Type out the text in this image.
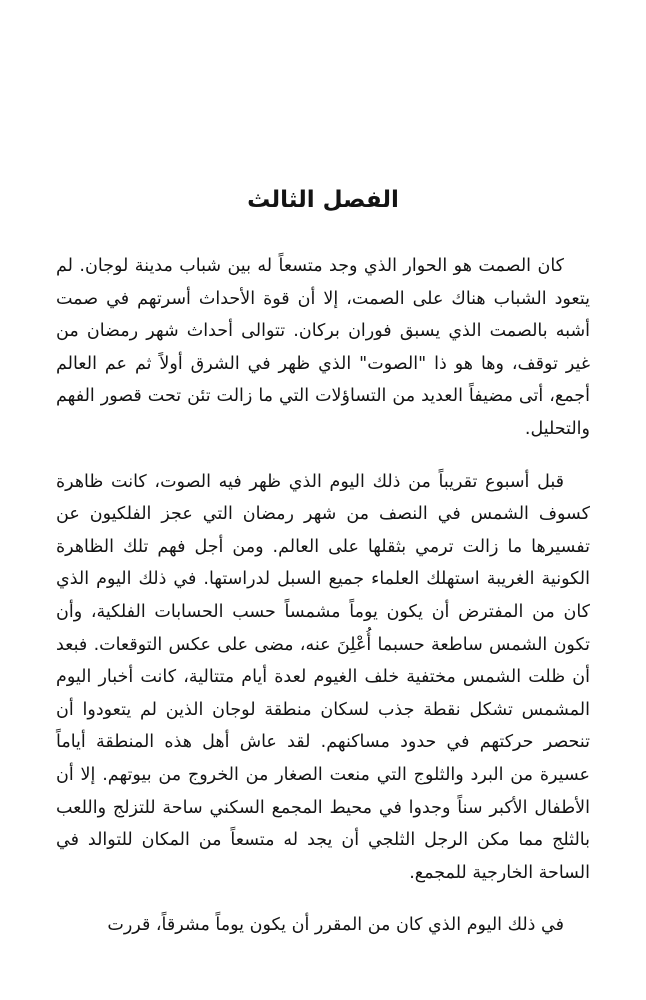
الفصل الثالث

كان الصمت هو الحوار الذي وجد متسعاً له بين شباب مدينة لوجان. لم يتعود الشباب هناك على الصمت، إلا أن قوة الأحداث أسرتهم في صمت أشبه بالصمت الذي يسبق فوران بركان. تتوالى أحداث شهر رمضان من غير توقف، وها هو ذا "الصوت" الذي ظهر في الشرق أولاً ثم عم العالم أجمع، أتى مضيفاً العديد من التساؤلات التي ما زالت تئن تحت قصور الفهم والتحليل.

قبل أسبوع تقريباً من ذلك اليوم الذي ظهر فيه الصوت، كانت ظاهرة كسوف الشمس في النصف من شهر رمضان التي عجز الفلكيون عن تفسيرها ما زالت ترمي بثقلها على العالم. ومن أجل فهم تلك الظاهرة الكونية الغريبة استهلك العلماء جميع السبل لدراستها. في ذلك اليوم الذي كان من المفترض أن يكون يوماً مشمساً حسب الحسابات الفلكية، وأن تكون الشمس ساطعة حسبما أُعْلِنَ عنه، مضى على عكس التوقعات. فبعد أن ظلت الشمس مختفية خلف الغيوم لعدة أيام متتالية، كانت أخبار اليوم المشمس تشكل نقطة جذب لسكان منطقة لوجان الذين لم يتعودوا أن تنحصر حركتهم في حدود مساكنهم. لقد عاش أهل هذه المنطقة أياماً عسيرة من البرد والثلوج التي منعت الصغار من الخروج من بيوتهم. إلا أن الأطفال الأكبر سناً وجدوا في محيط المجمع السكني ساحة للتزلج واللعب بالثلج مما مكن الرجل الثلجي أن يجد له متسعاً من المكان للتوالد في الساحة الخارجية للمجمع.

في ذلك اليوم الذي كان من المقرر أن يكون يوماً مشرقاً، قررت
